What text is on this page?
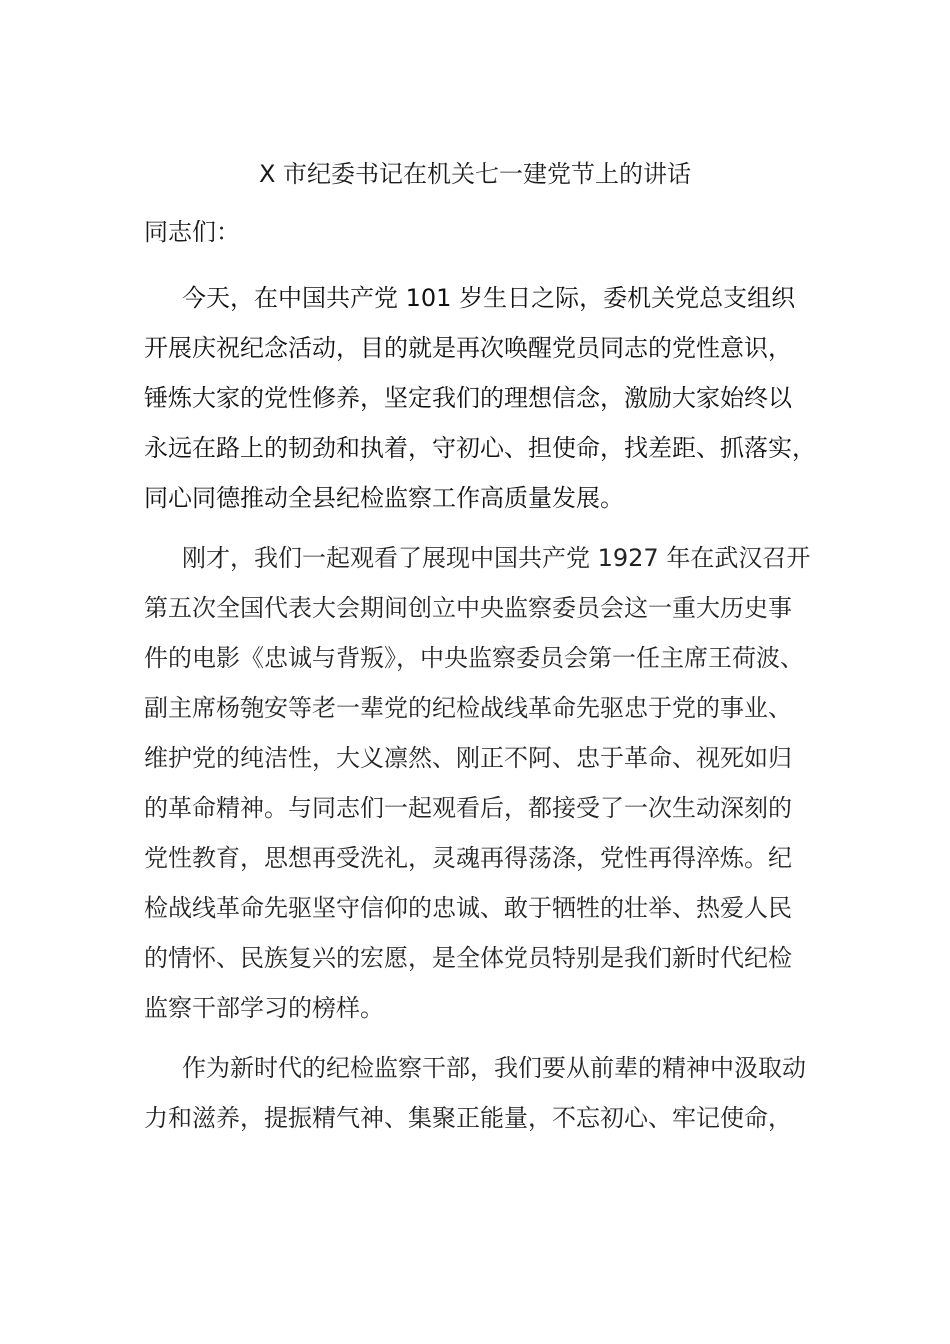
X 市纪委书记在机关七一建党节上的讲话
同志们：
今天，在中国共产党 101 岁生日之际，委机关党总支组织
开展庆祝纪念活动，目的就是再次唤醒党员同志的党性意识，
锤炼大家的党性修养，坚定我们的理想信念，激励大家始终以
永远在路上的韧劲和执着，守初心、担使命，找差距、抓落实，
同心同德推动全县纪检监察工作高质量发展。
刚才，我们一起观看了展现中国共产党 1927 年在武汉召开
第五次全国代表大会期间创立中央监察委员会这一重大历史事
件的电影《忠诚与背叛》，中央监察委员会第一任主席王荷波、
副主席杨匏安等老一辈党的纪检战线革命先驱忠于党的事业、
维护党的纯洁性，大义凛然、刚正不阿、忠于革命、视死如归
的革命精神。与同志们一起观看后，都接受了一次生动深刻的
党性教育，思想再受洗礼，灵魂再得荡涤，党性再得淬炼。纪
检战线革命先驱坚守信仰的忠诚、敢于牺牲的壮举、热爱人民
的情怀、民族复兴的宏愿，是全体党员特别是我们新时代纪检
监察干部学习的榜样。
作为新时代的纪检监察干部，我们要从前辈的精神中汲取动
力和滋养，提振精气神、集聚正能量，不忘初心、牢记使命，
